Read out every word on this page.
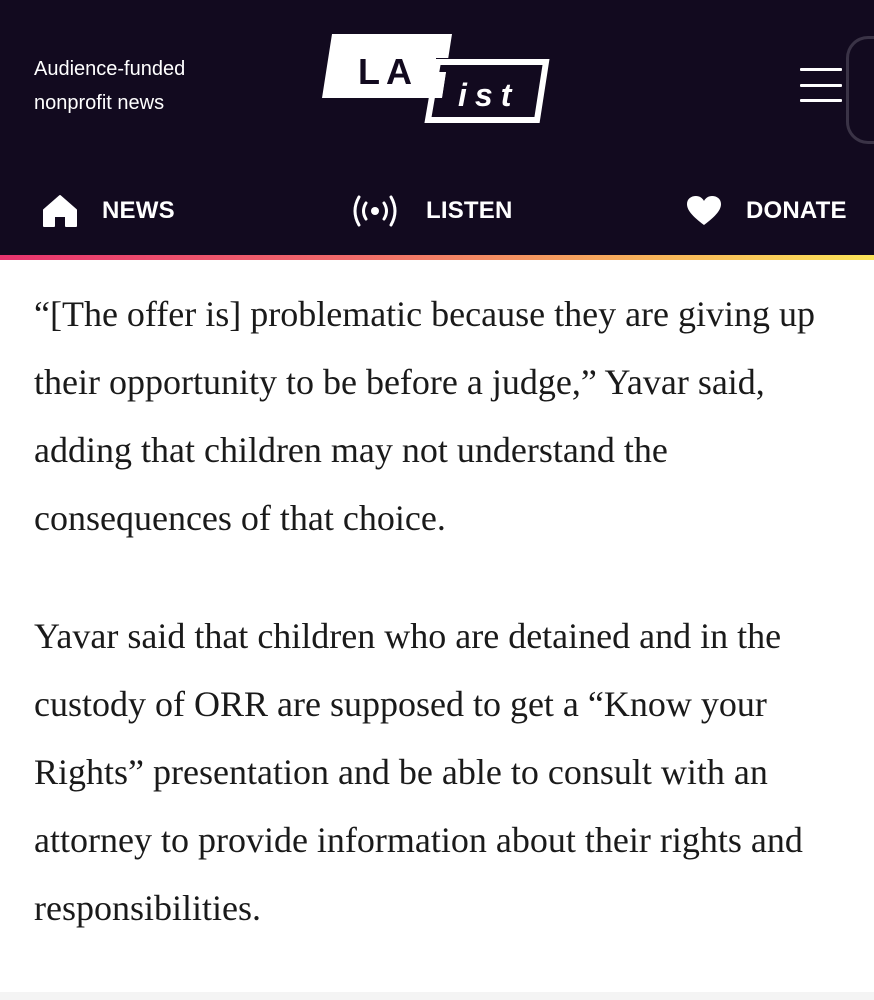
Audience-funded
nonprofit news
LA
ist
NEWS	LISTEN	DONATE

“[The offer is] problematic because they are giving up their opportunity to be before a judge,” Yavar said, adding that children may not understand the consequences of that choice.

Yavar said that children who are detained and in the custody of ORR are supposed to get a “Know your Rights” presentation and be able to consult with an attorney to provide information about their rights and responsibilities.
